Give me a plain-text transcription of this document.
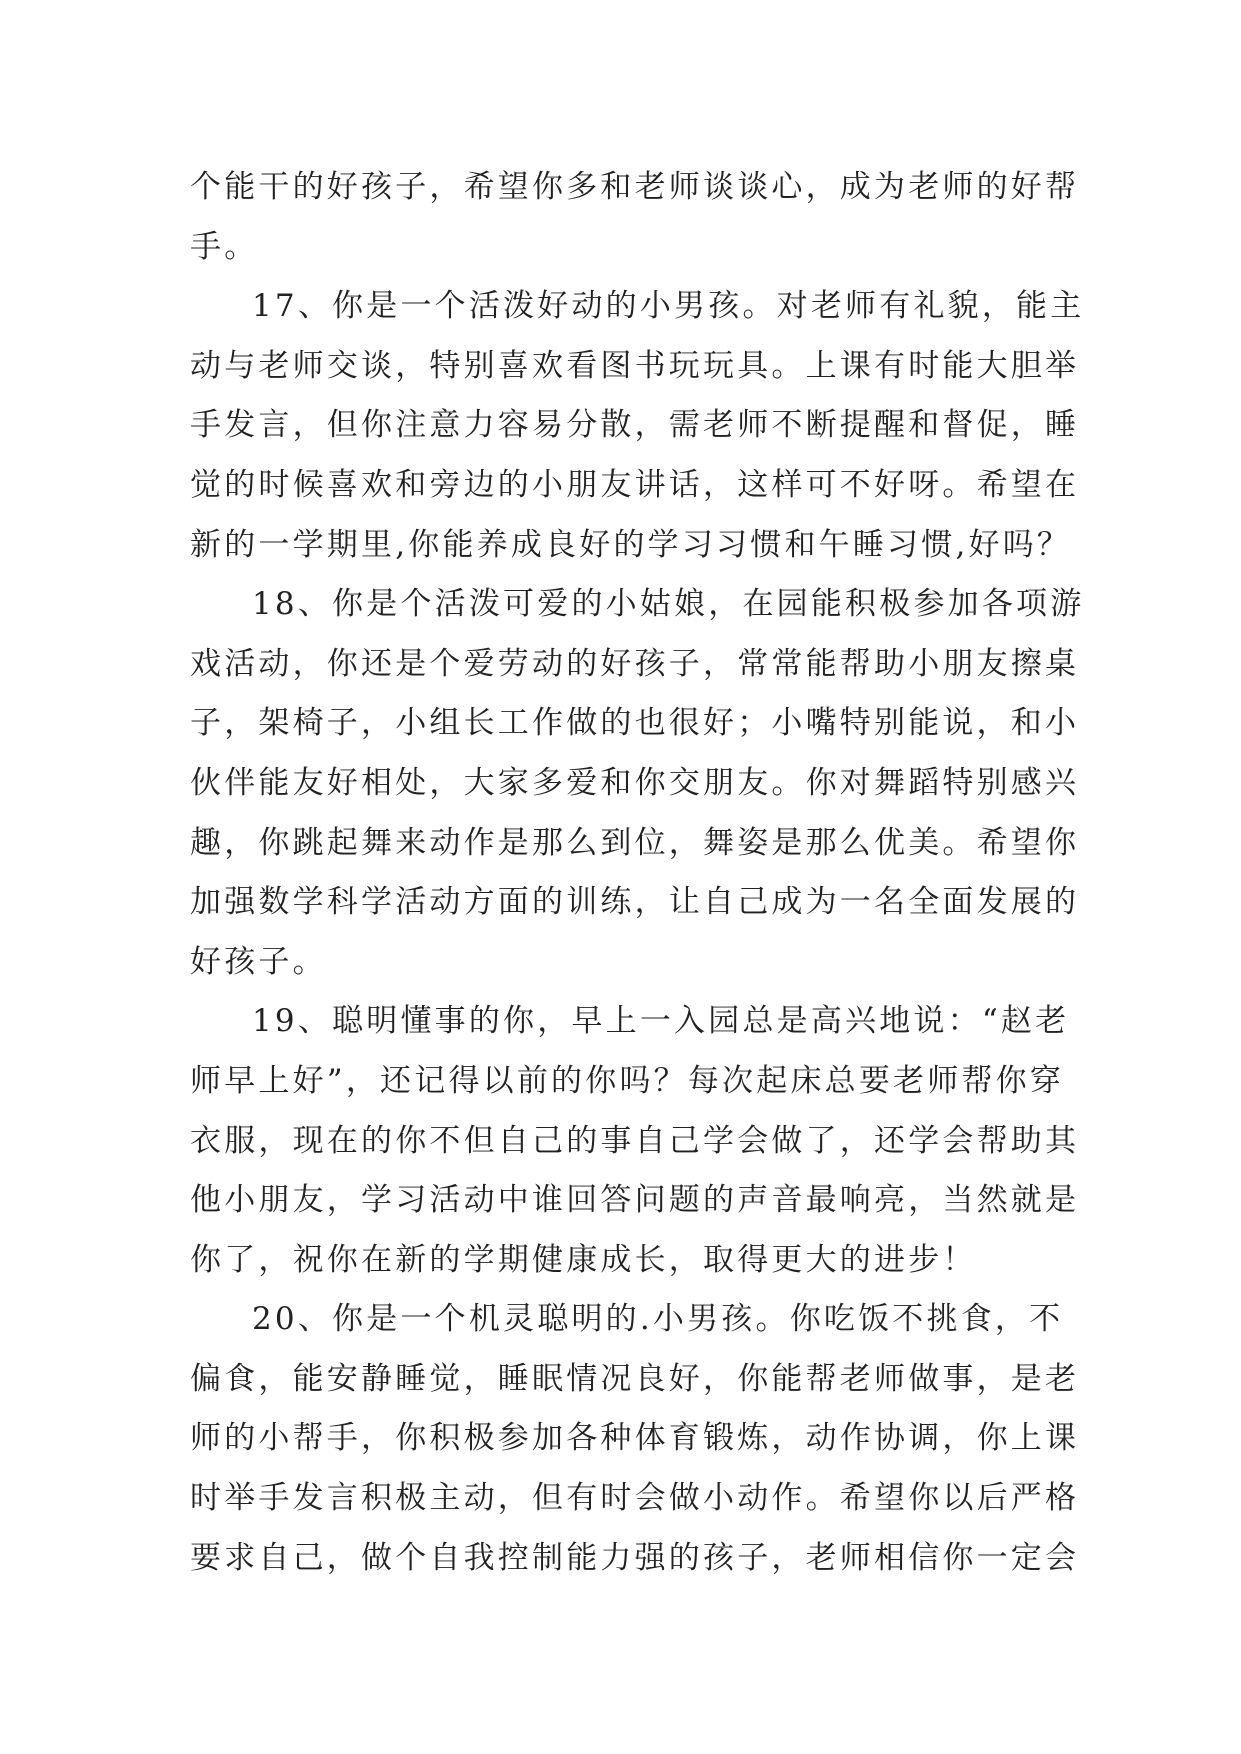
个能干的好孩子，希望你多和老师谈谈心，成为老师的好帮
手。
17、你是一个活泼好动的小男孩。对老师有礼貌，能主
动与老师交谈，特别喜欢看图书玩玩具。上课有时能大胆举
手发言，但你注意力容易分散，需老师不断提醒和督促，睡
觉的时候喜欢和旁边的小朋友讲话，这样可不好呀。希望在
新的一学期里,你能养成良好的学习习惯和午睡习惯,好吗？
18、你是个活泼可爱的小姑娘，在园能积极参加各项游
戏活动，你还是个爱劳动的好孩子，常常能帮助小朋友擦桌
子，架椅子，小组长工作做的也很好；小嘴特别能说，和小
伙伴能友好相处，大家多爱和你交朋友。你对舞蹈特别感兴
趣，你跳起舞来动作是那么到位，舞姿是那么优美。希望你
加强数学科学活动方面的训练，让自己成为一名全面发展的
好孩子。
19、聪明懂事的你，早上一入园总是高兴地说：“赵老
师早上好”，还记得以前的你吗？每次起床总要老师帮你穿
衣服，现在的你不但自己的事自己学会做了，还学会帮助其
他小朋友，学习活动中谁回答问题的声音最响亮，当然就是
你了，祝你在新的学期健康成长，取得更大的进步！
20、你是一个机灵聪明的.小男孩。你吃饭不挑食，不
偏食，能安静睡觉，睡眠情况良好，你能帮老师做事，是老
师的小帮手，你积极参加各种体育锻炼，动作协调，你上课
时举手发言积极主动，但有时会做小动作。希望你以后严格
要求自己，做个自我控制能力强的孩子，老师相信你一定会
